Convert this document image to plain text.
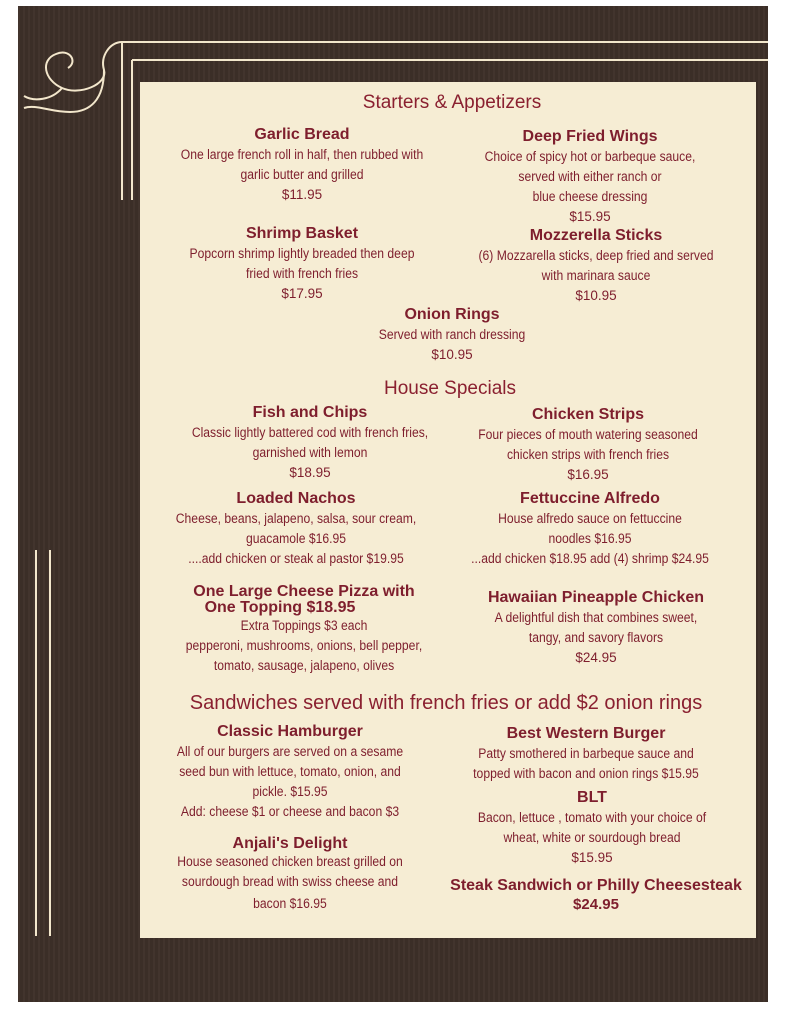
Starters & Appetizers
Garlic Bread
One large french roll in half, then rubbed with
garlic butter and grilled
$11.95
Deep Fried Wings
Choice of spicy hot or barbeque sauce,
served with either ranch or
blue cheese dressing
$15.95
Shrimp Basket
Popcorn shrimp lightly breaded then deep
fried with french fries
$17.95
Mozzerella Sticks
(6) Mozzarella sticks, deep fried and served
with marinara sauce
$10.95
Onion Rings
Served with ranch dressing
$10.95
House Specials
Fish and Chips
Classic lightly battered cod with french fries,
garnished with lemon
$18.95
Chicken Strips
Four pieces of mouth watering seasoned
chicken strips with french fries
$16.95
Loaded Nachos
Cheese, beans, jalapeno, salsa, sour cream,
guacamole $16.95
....add chicken or steak al pastor $19.95
Fettuccine Alfredo
House alfredo sauce on fettuccine
noodles $16.95
...add chicken $18.95 add (4) shrimp $24.95
One Large Cheese Pizza with
One Topping $18.95
Extra Toppings $3 each
pepperoni, mushrooms, onions, bell pepper,
tomato, sausage, jalapeno, olives
Hawaiian Pineapple Chicken
A delightful dish that combines sweet,
tangy, and savory flavors
$24.95
Sandwiches served with french fries or add $2 onion rings
Classic Hamburger
All of our burgers are served on a sesame
seed bun with lettuce, tomato, onion, and
pickle. $15.95
Add: cheese $1 or cheese and bacon $3
Best Western Burger
Patty smothered in barbeque sauce and
topped with bacon and onion rings $15.95
BLT
Bacon, lettuce , tomato with your choice of
wheat, white or sourdough bread
$15.95
Anjali's Delight
House seasoned chicken breast grilled on
sourdough bread with swiss cheese and
bacon $16.95
Steak Sandwich or Philly Cheesesteak
$24.95
